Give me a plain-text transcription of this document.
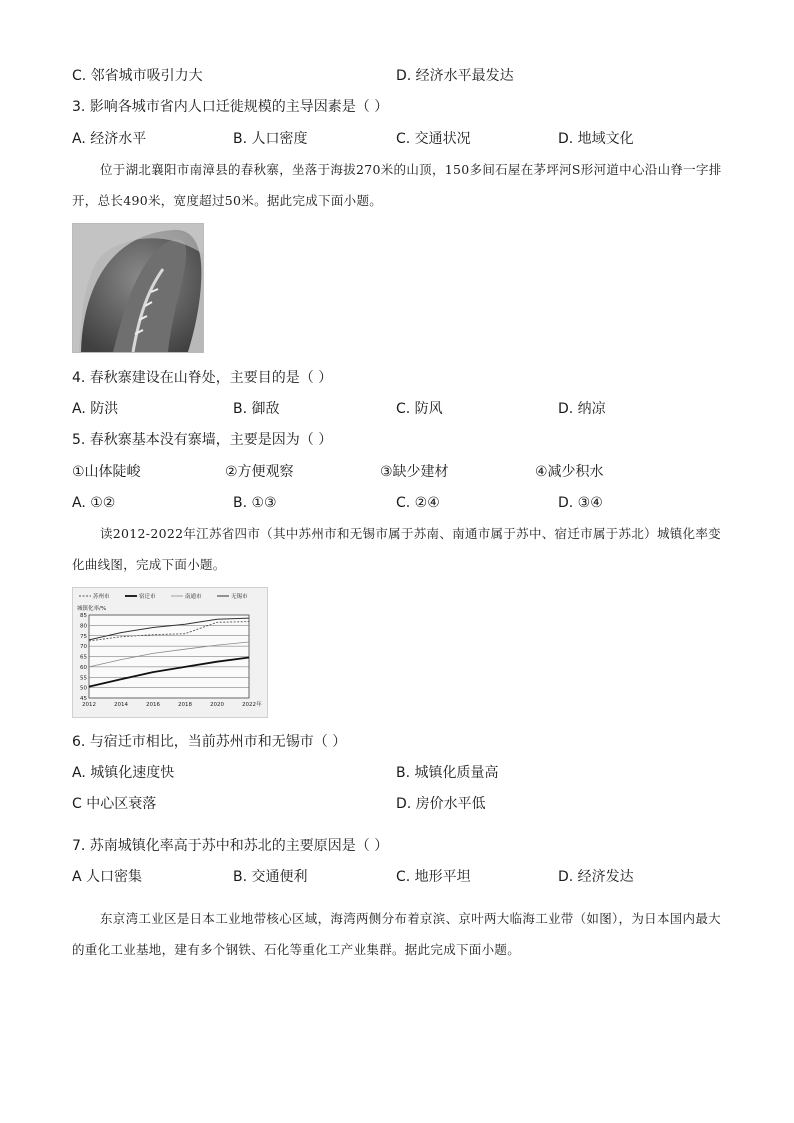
C. 邻省城市吸引力大	D. 经济水平最发达
3. 影响各城市省内人口迁徙规模的主导因素是（ ）
A. 经济水平	B. 人口密度	C. 交通状况	D. 地域文化
位于湖北襄阳市南漳县的春秋寨，坐落于海拔270米的山顶，150多间石屋在茅坪河S形河道中心沿山脊一字排开，总长490米，宽度超过50米。据此完成下面小题。
4. 春秋寨建设在山脊处，主要目的是（ ）
A. 防洪	B. 御敌	C. 防风	D. 纳凉
5. 春秋寨基本没有寨墙，主要是因为（ ）
①山体陡峻	②方便观察	③缺少建材	④减少积水
A. ①②	B. ①③	C. ②④	D. ③④
读2012-2022年江苏省四市（其中苏州市和无锡市属于苏南、南通市属于苏中、宿迁市属于苏北）城镇化率变化曲线图，完成下面小题。
45
50
55
60
65
70
75
80
85
2012	2014	2016	2018	2020	2022 年
城镇化率/%
苏州市	宿迁市	南通市	无锡市
6. 与宿迁市相比，当前苏州市和无锡市（ ）
A. 城镇化速度快	B. 城镇化质量高
C 中心区衰落	D. 房价水平低
7. 苏南城镇化率高于苏中和苏北的主要原因是（ ）
A 人口密集	B. 交通便利	C. 地形平坦	D. 经济发达
东京湾工业区是日本工业地带核心区域，海湾两侧分布着京滨、京叶两大临海工业带（如图），为日本国内最大的重化工业基地，建有多个钢铁、石化等重化工产业集群。据此完成下面小题。
